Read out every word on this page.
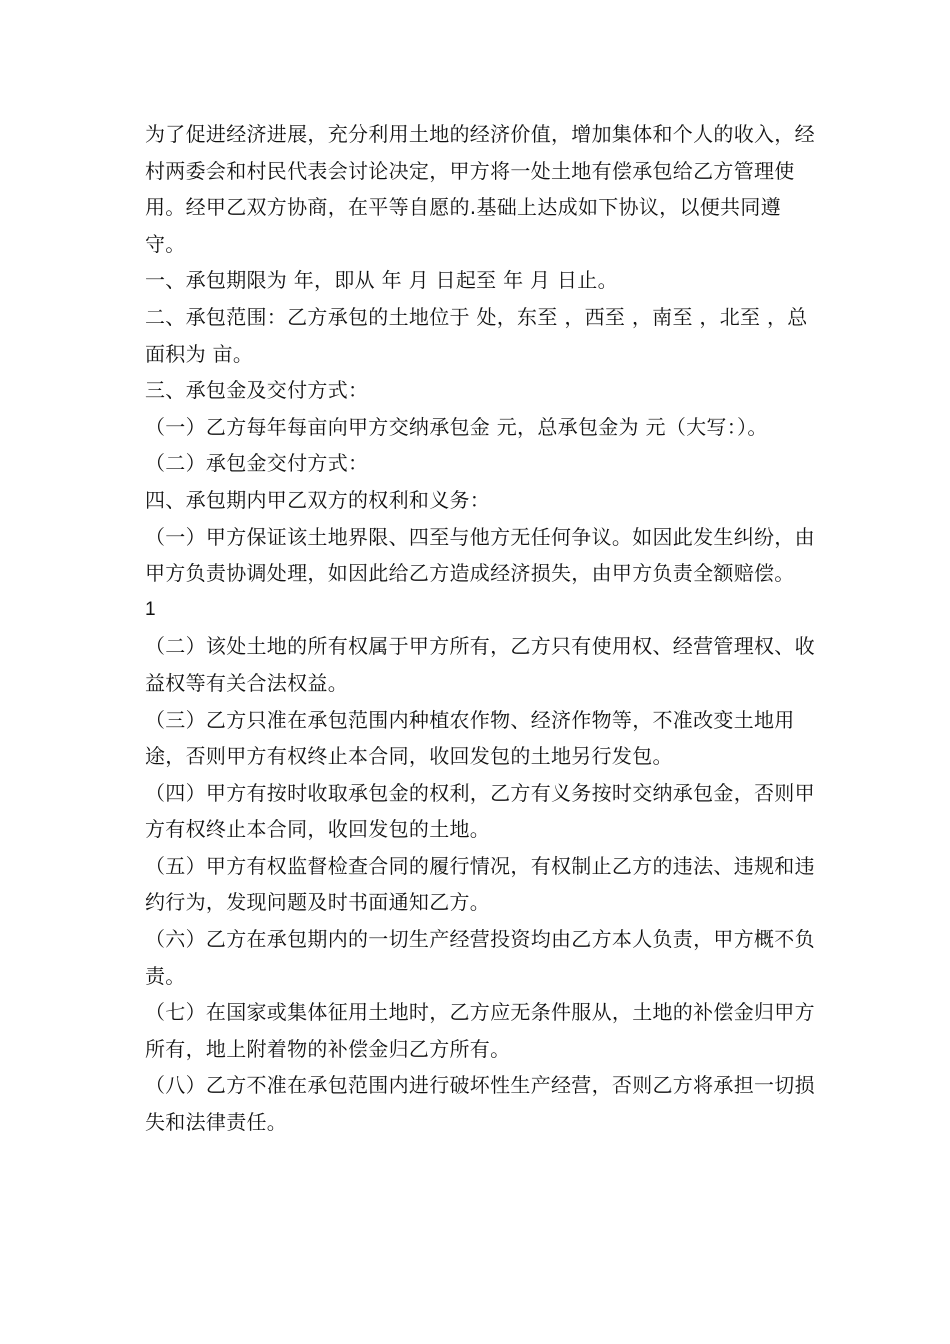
为了促进经济进展，充分利用土地的经济价值，增加集体和个人的收入，经村两委会和村民代表会讨论决定，甲方将一处土地有偿承包给乙方管理使用。经甲乙双方协商，在平等自愿的.基础上达成如下协议，以便共同遵守。

一、承包期限为 年，即从 年 月 日起至 年 月 日止。

二、承包范围：乙方承包的土地位于 处，东至 ，西至 ，南至 ，北至 ，总面积为 亩。

三、承包金及交付方式：

（一）乙方每年每亩向甲方交纳承包金 元，总承包金为 元（大写：）。

（二）承包金交付方式：

四、承包期内甲乙双方的权利和义务：

（一）甲方保证该土地界限、四至与他方无任何争议。如因此发生纠纷，由甲方负责协调处理，如因此给乙方造成经济损失，由甲方负责全额赔偿。

1

（二）该处土地的所有权属于甲方所有，乙方只有使用权、经营管理权、收益权等有关合法权益。

（三）乙方只准在承包范围内种植农作物、经济作物等，不准改变土地用途，否则甲方有权终止本合同，收回发包的土地另行发包。

（四）甲方有按时收取承包金的权利，乙方有义务按时交纳承包金，否则甲方有权终止本合同，收回发包的土地。

（五）甲方有权监督检查合同的履行情况，有权制止乙方的违法、违规和违约行为，发现问题及时书面通知乙方。

（六）乙方在承包期内的一切生产经营投资均由乙方本人负责，甲方概不负责。

（七）在国家或集体征用土地时，乙方应无条件服从，土地的补偿金归甲方所有，地上附着物的补偿金归乙方所有。

（八）乙方不准在承包范围内进行破坏性生产经营，否则乙方将承担一切损失和法律责任。
